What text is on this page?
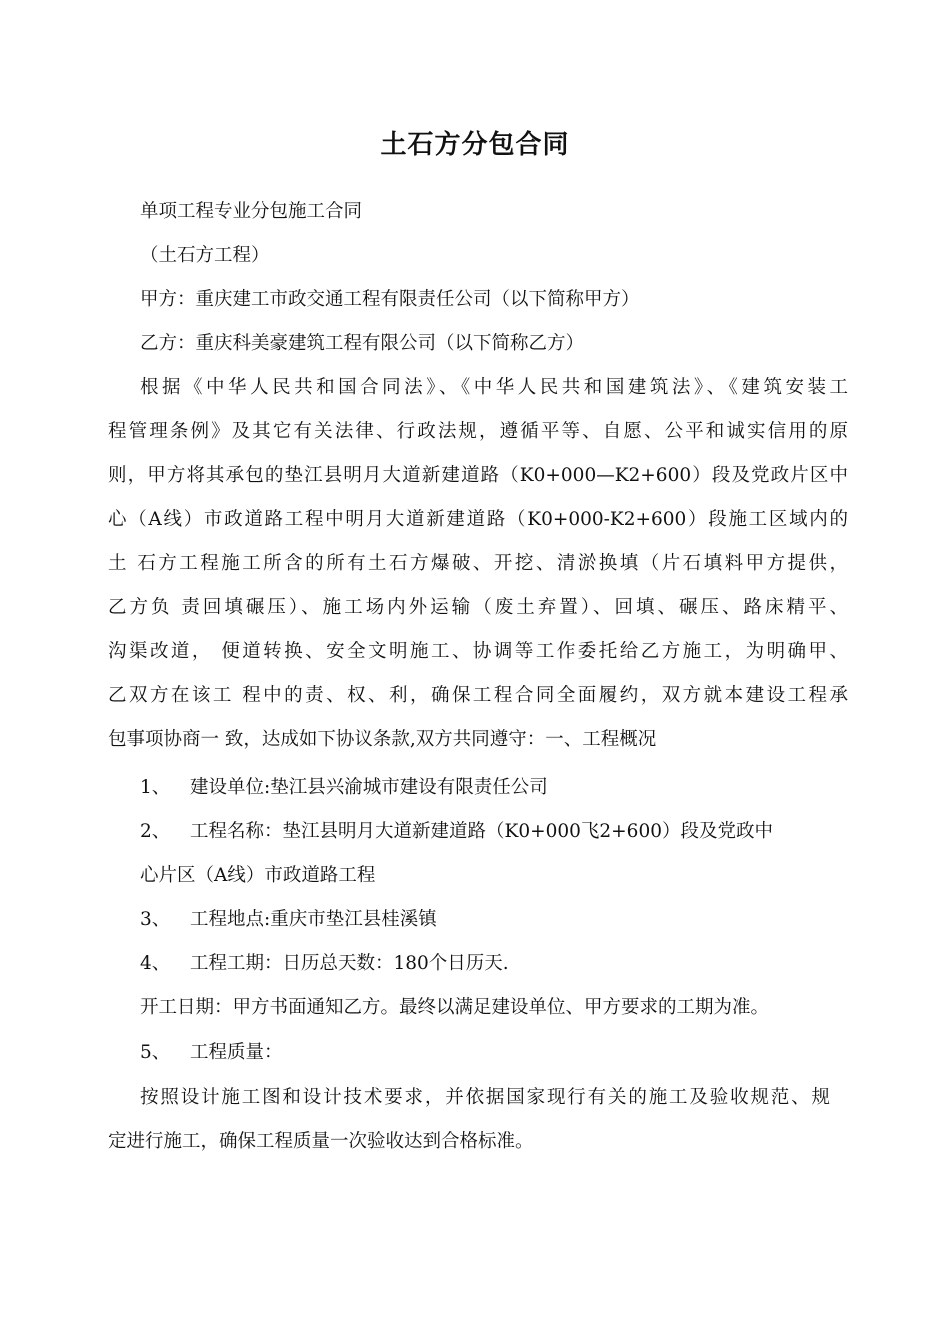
土石方分包合同
单项工程专业分包施工合同
（土石方工程）
甲方：重庆建工市政交通工程有限责任公司（以下简称甲方）
乙方：重庆科美豪建筑工程有限公司（以下简称乙方）
根据《中华人民共和国合同法》、《中华人民共和国建筑法》、《建筑安装工
程管理条例》及其它有关法律、行政法规，遵循平等、自愿、公平和诚实信用的原
则，甲方将其承包的垫江县明月大道新建道路（K0+000—K2+600）段及党政片区中
心（A线）市政道路工程中明月大道新建道路（K0+000-K2+600）段施工区域内的
土 石方工程施工所含的所有土石方爆破、开挖、清淤换填（片石填料甲方提供，
乙方负 责回填碾压）、施工场内外运输（废土弃置）、回填、碾压、路床精平、
沟渠改道， 便道转换、安全文明施工、协调等工作委托给乙方施工，为明确甲、
乙双方在该工 程中的责、权、利，确保工程合同全面履约，双方就本建设工程承
包事项协商一 致，达成如下协议条款,双方共同遵守：一、工程概况
1、 建设单位:垫江县兴渝城市建设有限责任公司
2、 工程名称：垫江县明月大道新建道路（K0+000飞2+600）段及党政中
心片区（A线）市政道路工程
3、 工程地点:重庆市垫江县桂溪镇
4、 工程工期：日历总天数：180个日历天.
开工日期：甲方书面通知乙方。最终以满足建设单位、甲方要求的工期为准。
5、 工程质量：
按照设计施工图和设计技术要求，并依据国家现行有关的施工及验收规范、规
定进行施工，确保工程质量一次验收达到合格标准。
